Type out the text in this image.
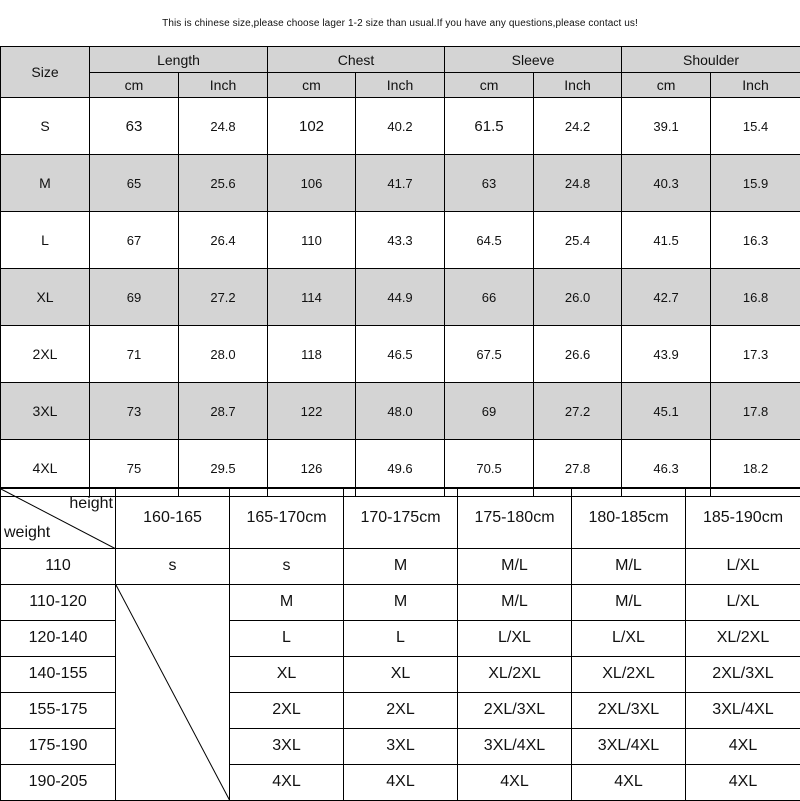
This is chinese size,please choose lager 1-2 size than usual.If you have any questions,please contact us!
Size	Length		Chest		Sleeve		Shoulder	
	cm	Inch	cm	Inch	cm	Inch	cm	Inch
S	63	24.8	102	40.2	61.5	24.2	39.1	15.4
M	65	25.6	106	41.7	63	24.8	40.3	15.9
L	67	26.4	110	43.3	64.5	25.4	41.5	16.3
XL	69	27.2	114	44.9	66	26.0	42.7	16.8
2XL	71	28.0	118	46.5	67.5	26.6	43.9	17.3
3XL	73	28.7	122	48.0	69	27.2	45.1	17.8
4XL	75	29.5	126	49.6	70.5	27.8	46.3	18.2
height
weight	160-165	165-170cm	170-175cm	175-180cm	180-185cm	185-190cm
110	s	s	M	M/L	M/L	L/XL
110-120		M	M	M/L	M/L	L/XL
120-140		L	L	L/XL	L/XL	XL/2XL
140-155		XL	XL	XL/2XL	XL/2XL	2XL/3XL
155-175		2XL	2XL	2XL/3XL	2XL/3XL	3XL/4XL
175-190		3XL	3XL	3XL/4XL	3XL/4XL	4XL
190-205		4XL	4XL	4XL	4XL	4XL
